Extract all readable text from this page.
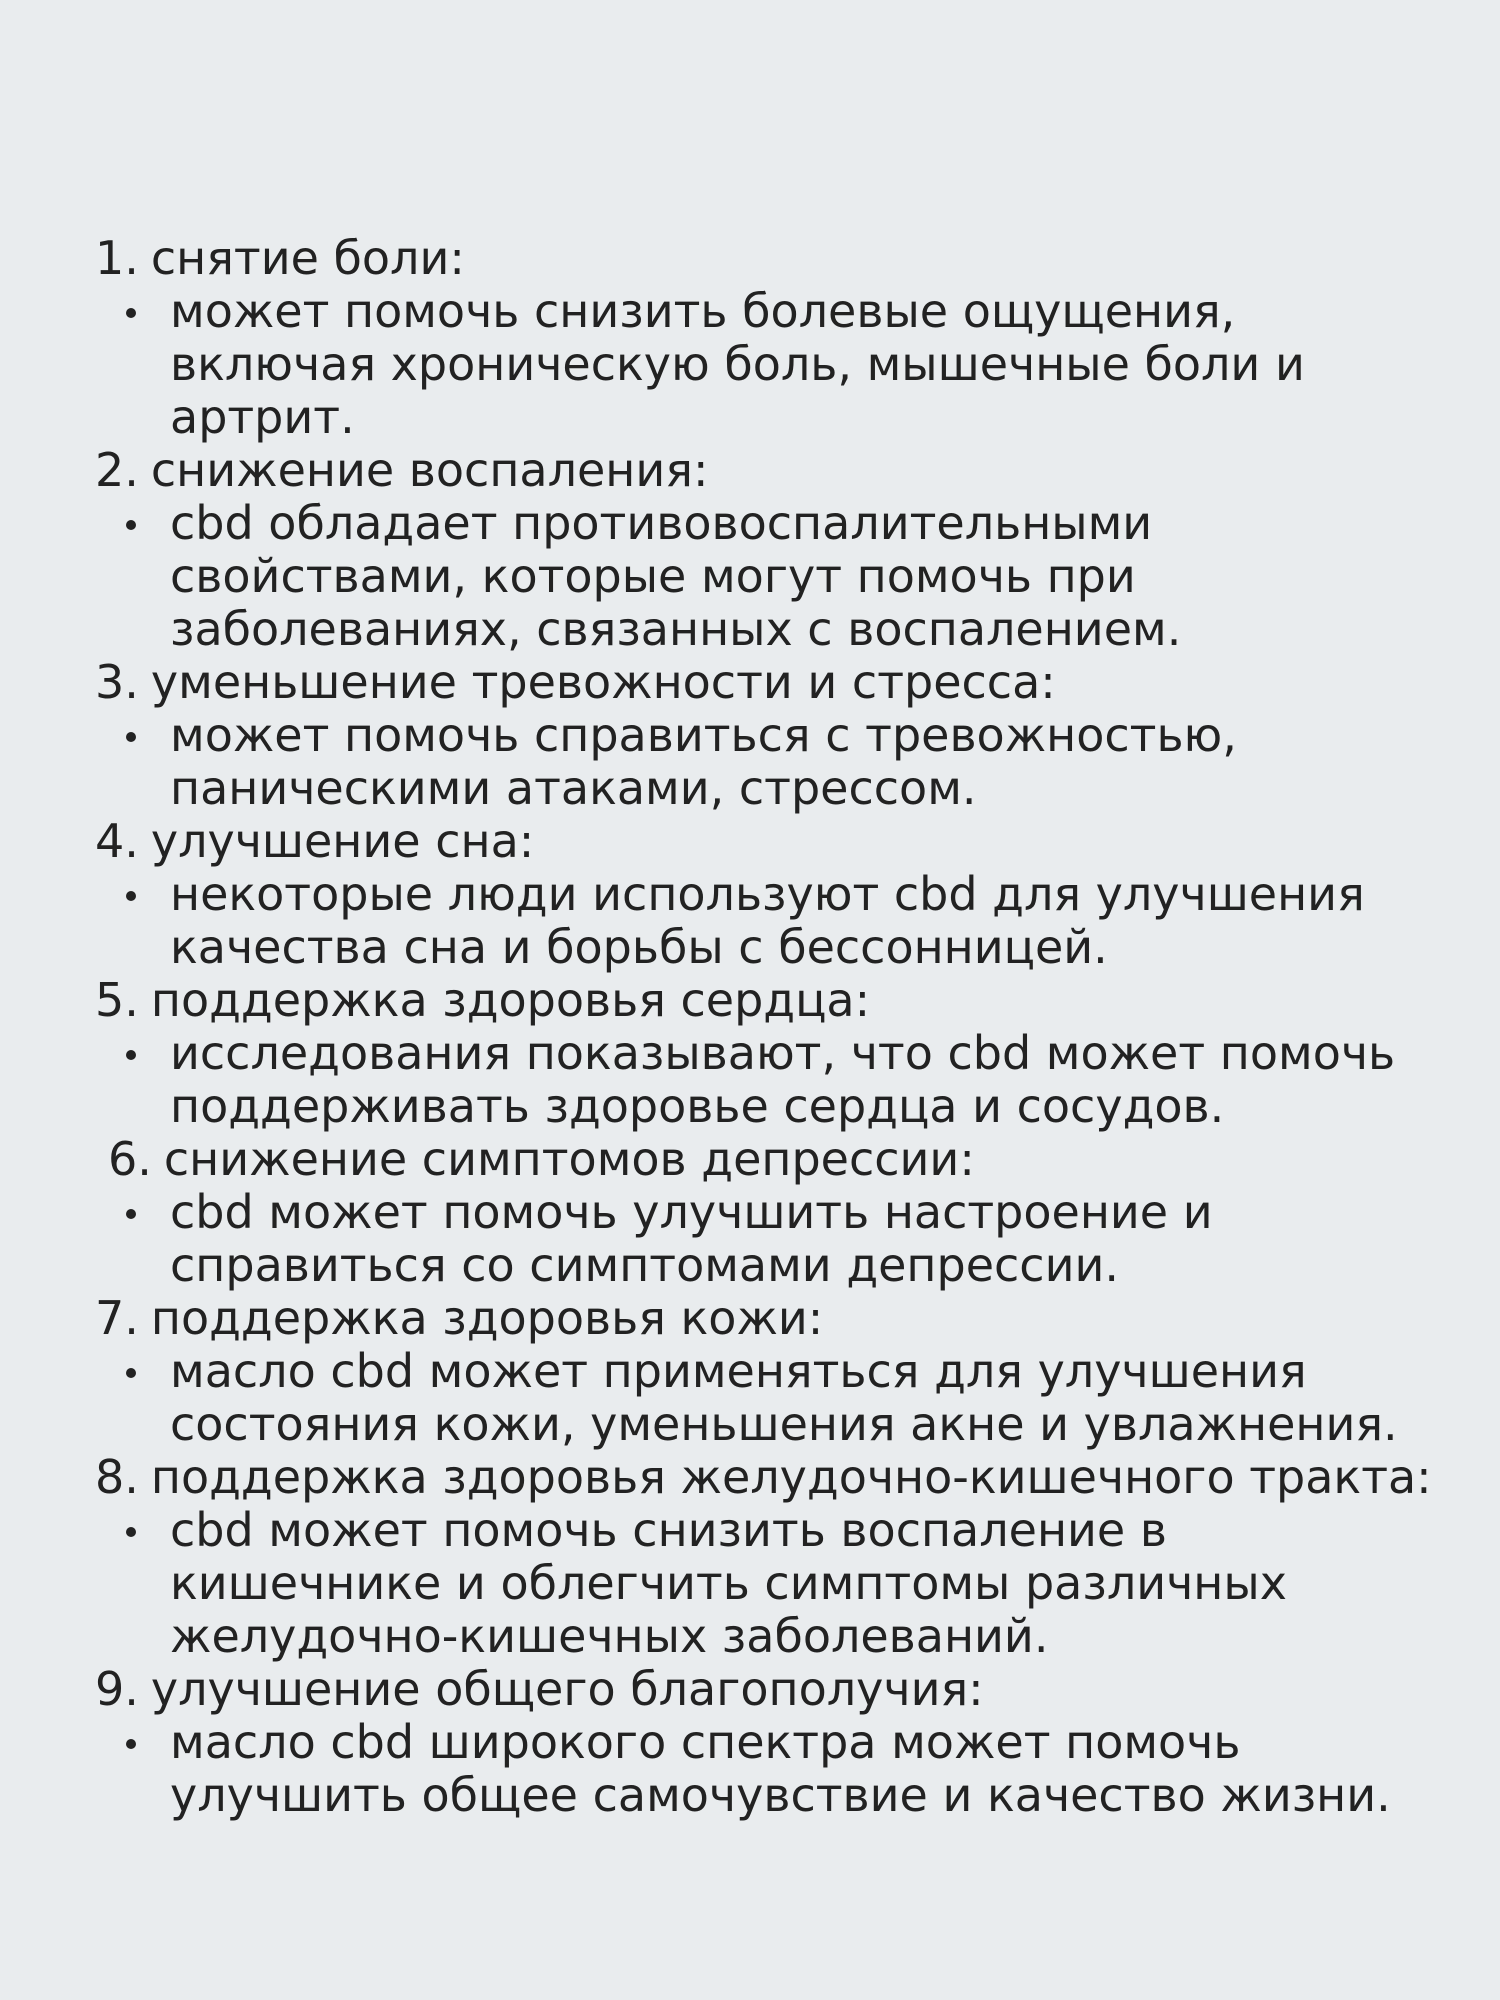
1. снятие боли:
может помочь снизить болевые ощущения,
включая хроническую боль, мышечные боли и
артрит.
2. снижение воспаления:
cbd обладает противовоспалительными
свойствами, которые могут помочь при
заболеваниях, связанных с воспалением.
3. уменьшение тревожности и стресса:
может помочь справиться с тревожностью,
паническими атаками, стрессом.
4. улучшение сна:
некоторые люди используют cbd для улучшения
качества сна и борьбы с бессонницей.
5. поддержка здоровья сердца:
исследования показывают, что cbd может помочь
поддерживать здоровье сердца и сосудов.
6. снижение симптомов депрессии:
cbd может помочь улучшить настроение и
справиться со симптомами депрессии.
7. поддержка здоровья кожи:
масло cbd может применяться для улучшения
состояния кожи, уменьшения акне и увлажнения.
8. поддержка здоровья желудочно-кишечного тракта:
cbd может помочь снизить воспаление в
кишечнике и облегчить симптомы различных
желудочно-кишечных заболеваний.
9. улучшение общего благополучия:
масло cbd широкого спектра может помочь
улучшить общее самочувствие и качество жизни.
